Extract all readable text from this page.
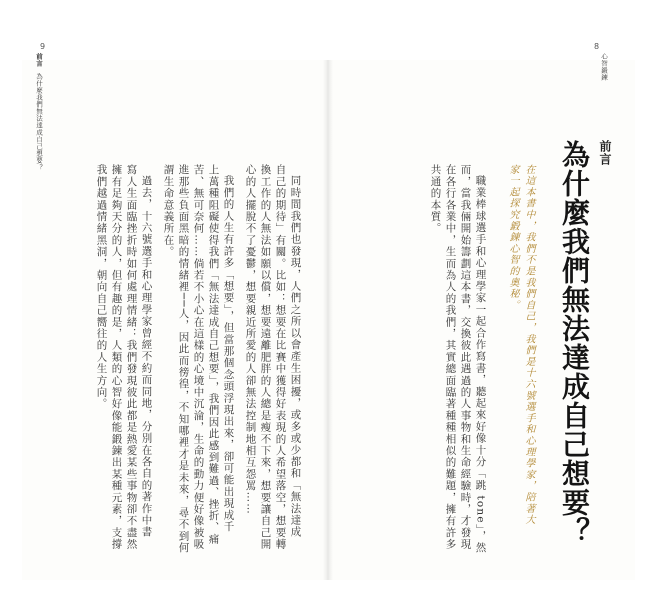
9	8
前言 為什麼我們無法達成自己想要？
心智鍛鍊
前言
為什麼我們無法達成自己想要？
在這本書中，我們不是我們自己，我們是十六號選手和心理學家，陪著大
家一起探究鍛鍊心智的奧秘。
職業棒球選手和心理學家一起合作寫書，聽起來好像十分「跳 tone」，然
而，當我倆開始籌劃這本書，交換彼此遇過的人事物和生命經驗時，才發現
在各行各業中，生而為人的我們，其實總面臨著種種相似的難題，擁有許多
共通的本質。
同時間我們也發現，人們之所以會產生困擾，或多或少都和「無法達成
自己的期待」有關。比如：想要在比賽中獲得好表現的人希望落空，想要轉
換工作的人無法如願以償，想要遠離肥胖的人總是瘦不下來，想要讓自己開
心的人擺脫不了憂鬱，想要親近所愛的人卻無法控制地相互怨罵……
我們的人生有許多「想要」，但當那個念頭浮現出來，卻可能出現成千
上萬種阻礙使得我們「無法達成自己想要」，我們因此感到難過、挫折、痛
苦、無可奈何……倘若不小心在這樣的心境中沉淪，生命的動力便好像被吸
進那些負面黑暗的情緒裡──人，因此而徬徨，不知哪裡才是未來，尋不到何
謂生命意義所在。
過去，十六號選手和心理學家曾經不約而同地，分別在各自的著作中書
寫人生面臨挫折時如何處理情緒：我們發現彼此都是熱愛某些事物卻不盡然
擁有足夠天分的人，但有趣的是，人類的心智好像能鍛鍊出某種元素，支撐
我們越過情緒黑洞，朝向自己嚮往的人生方向。
